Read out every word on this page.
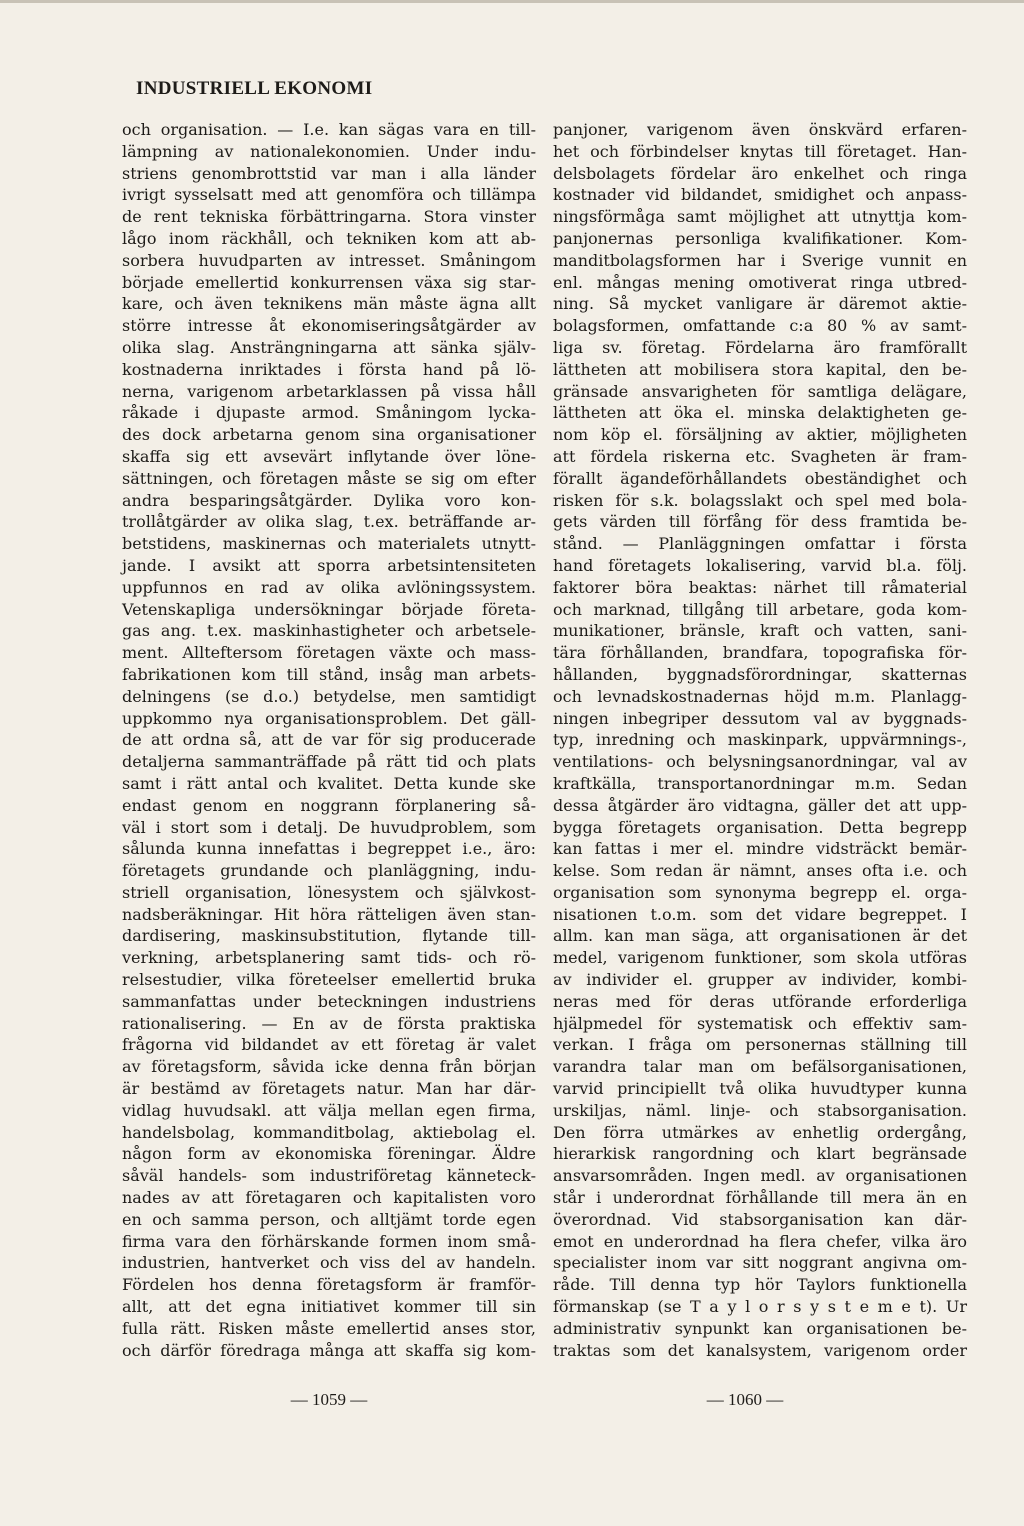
INDUSTRIELL EKONOMI
och organisation. — I.e. kan sägas vara en till-
lämpning av nationalekonomien. Under indu-
striens genombrottstid var man i alla länder
ivrigt sysselsatt med att genomföra och tillämpa
de rent tekniska förbättringarna. Stora vinster
lågo inom räckhåll, och tekniken kom att ab-
sorbera huvudparten av intresset. Småningom
började emellertid konkurrensen växa sig star-
kare, och även teknikens män måste ägna allt
större intresse åt ekonomiseringsåtgärder av
olika slag. Ansträngningarna att sänka själv-
kostnaderna inriktades i första hand på lö-
nerna, varigenom arbetarklassen på vissa håll
råkade i djupaste armod. Småningom lycka-
des dock arbetarna genom sina organisationer
skaffa sig ett avsevärt inflytande över löne-
sättningen, och företagen måste se sig om efter
andra besparingsåtgärder. Dylika voro kon-
trollåtgärder av olika slag, t.ex. beträffande ar-
betstidens, maskinernas och materialets utnytt-
jande. I avsikt att sporra arbetsintensiteten
uppfunnos en rad av olika avlöningssystem.
Vetenskapliga undersökningar började företa-
gas ang. t.ex. maskinhastigheter och arbetsele-
ment. Allteftersom företagen växte och mass-
fabrikationen kom till stånd, insåg man arbets-
delningens (se d.o.) betydelse, men samtidigt
uppkommo nya organisationsproblem. Det gäll-
de att ordna så, att de var för sig producerade
detaljerna sammanträffade på rätt tid och plats
samt i rätt antal och kvalitet. Detta kunde ske
endast genom en noggrann förplanering så-
väl i stort som i detalj. De huvudproblem, som
sålunda kunna innefattas i begreppet i.e., äro:
företagets grundande och planläggning, indu-
striell organisation, lönesystem och självkost-
nadsberäkningar. Hit höra rätteligen även stan-
dardisering, maskinsubstitution, flytande till-
verkning, arbetsplanering samt tids- och rö-
relsestudier, vilka företeelser emellertid bruka
sammanfattas under beteckningen industriens
rationalisering. — En av de första praktiska
frågorna vid bildandet av ett företag är valet
av företagsform, såvida icke denna från början
är bestämd av företagets natur. Man har där-
vidlag huvudsakl. att välja mellan egen firma,
handelsbolag, kommanditbolag, aktiebolag el.
någon form av ekonomiska föreningar. Äldre
såväl handels- som industriföretag känneteck-
nades av att företagaren och kapitalisten voro
en och samma person, och alltjämt torde egen
firma vara den förhärskande formen inom små-
industrien, hantverket och viss del av handeln.
Fördelen hos denna företagsform är framför-
allt, att det egna initiativet kommer till sin
fulla rätt. Risken måste emellertid anses stor,
och därför föredraga många att skaffa sig kom-
panjoner, varigenom även önskvärd erfaren-
het och förbindelser knytas till företaget. Han-
delsbolagets fördelar äro enkelhet och ringa
kostnader vid bildandet, smidighet och anpass-
ningsförmåga samt möjlighet att utnyttja kom-
panjonernas personliga kvalifikationer. Kom-
manditbolagsformen har i Sverige vunnit en
enl. mångas mening omotiverat ringa utbred-
ning. Så mycket vanligare är däremot aktie-
bolagsformen, omfattande c:a 80 % av samt-
liga sv. företag. Fördelarna äro framförallt
lättheten att mobilisera stora kapital, den be-
gränsade ansvarigheten för samtliga delägare,
lättheten att öka el. minska delaktigheten ge-
nom köp el. försäljning av aktier, möjligheten
att fördela riskerna etc. Svagheten är fram-
förallt ägandeförhållandets obeständighet och
risken för s.k. bolagsslakt och spel med bola-
gets värden till förfång för dess framtida be-
stånd. — Planläggningen omfattar i första
hand företagets lokalisering, varvid bl.a. följ.
faktorer böra beaktas: närhet till råmaterial
och marknad, tillgång till arbetare, goda kom-
munikationer, bränsle, kraft och vatten, sani-
tära förhållanden, brandfara, topografiska för-
hållanden, byggnadsförordningar, skatternas
och levnadskostnadernas höjd m.m. Planlagg-
ningen inbegriper dessutom val av byggnads-
typ, inredning och maskinpark, uppvärmnings-,
ventilations- och belysningsanordningar, val av
kraftkälla, transportanordningar m.m. Sedan
dessa åtgärder äro vidtagna, gäller det att upp-
bygga företagets organisation. Detta begrepp
kan fattas i mer el. mindre vidsträckt bemär-
kelse. Som redan är nämnt, anses ofta i.e. och
organisation som synonyma begrepp el. orga-
nisationen t.o.m. som det vidare begreppet. I
allm. kan man säga, att organisationen är det
medel, varigenom funktioner, som skola utföras
av individer el. grupper av individer, kombi-
neras med för deras utförande erforderliga
hjälpmedel för systematisk och effektiv sam-
verkan. I fråga om personernas ställning till
varandra talar man om befälsorganisationen,
varvid principiellt två olika huvudtyper kunna
urskiljas, näml. linje- och stabsorganisation.
Den förra utmärkes av enhetlig ordergång,
hierarkisk rangordning och klart begränsade
ansvarsområden. Ingen medl. av organisationen
står i underordnat förhållande till mera än en
överordnad. Vid stabsorganisation kan där-
emot en underordnad ha flera chefer, vilka äro
specialister inom var sitt noggrant angivna om-
råde. Till denna typ hör Taylors funktionella
förmanskap (se T a y l o r s y s t e m e t). Ur
administrativ synpunkt kan organisationen be-
traktas som det kanalsystem, varigenom order
— 1059 —	— 1060 —
